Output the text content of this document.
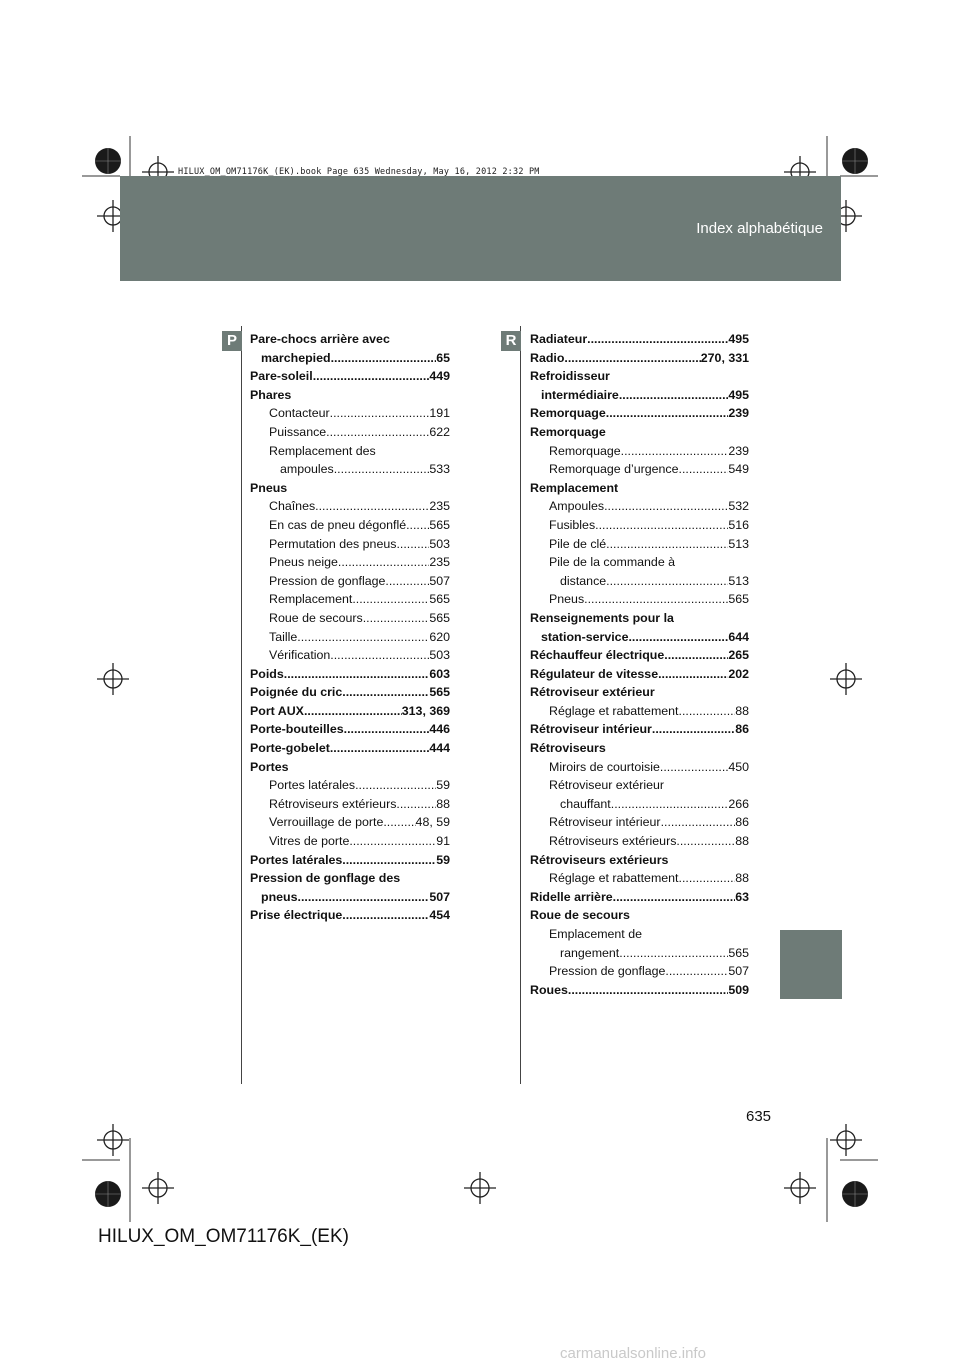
Index alphabétique
HILUX_OM_OM71176K_(EK).book Page 635 Wednesday, May 16, 2012 2:32 PM
P	R
Pare-chocs arrière avec
marchepied .....	65
Pare-soleil .....	449
Phares
Contacteur .....	191
Puissance .....	622
Remplacement des
ampoules .....	533
Pneus
Chaînes .....	235
En cas de pneu dégonflé ..... 565
Permutation des pneus .....	503
Pneus neige .....	235
Pression de gonflage .....	507
Remplacement .....	565
Roue de secours .....	565
Taille .....	620
Vérification .....	503
Poids .....	603
Poignée du cric .....	565
Port AUX .....	313, 369
Porte-bouteilles .....	446
Porte-gobelet .....	444
Portes
Portes latérales .....	59
Rétroviseurs extérieurs .....	88
Verrouillage de porte .....	48, 59
Vitres de porte .....	91
Portes latérales .....	59
Pression de gonflage des
pneus .....	507
Prise électrique .....	454
Radiateur .....	495
Radio .....	270, 331
Refroidisseur
intermédiaire .....	495
Remorquage .....	239
Remorquage
Remorquage .....	239
Remorquage d’urgence .....	549
Remplacement
Ampoules .....	532
Fusibles .....	516
Pile de clé .....	513
Pile de la commande à
distance .....	513
Pneus .....	565
Renseignements pour la
station-service .....	644
Réchauffeur électrique .....	265
Régulateur de vitesse .....	202
Rétroviseur extérieur
Réglage et rabattement .....	88
Rétroviseur intérieur .....	86
Rétroviseurs
Miroirs de courtoisie .....	450
Rétroviseur extérieur
chauffant .....	266
Rétroviseur intérieur .....	86
Rétroviseurs extérieurs .....	88
Rétroviseurs extérieurs
Réglage et rabattement .....	88
Ridelle arrière .....	63
Roue de secours
Emplacement de
rangement .....	565
Pression de gonflage .....	507
Roues .....	509
635
HILUX_OM_OM71176K_(EK)
carmanualsonline.info
